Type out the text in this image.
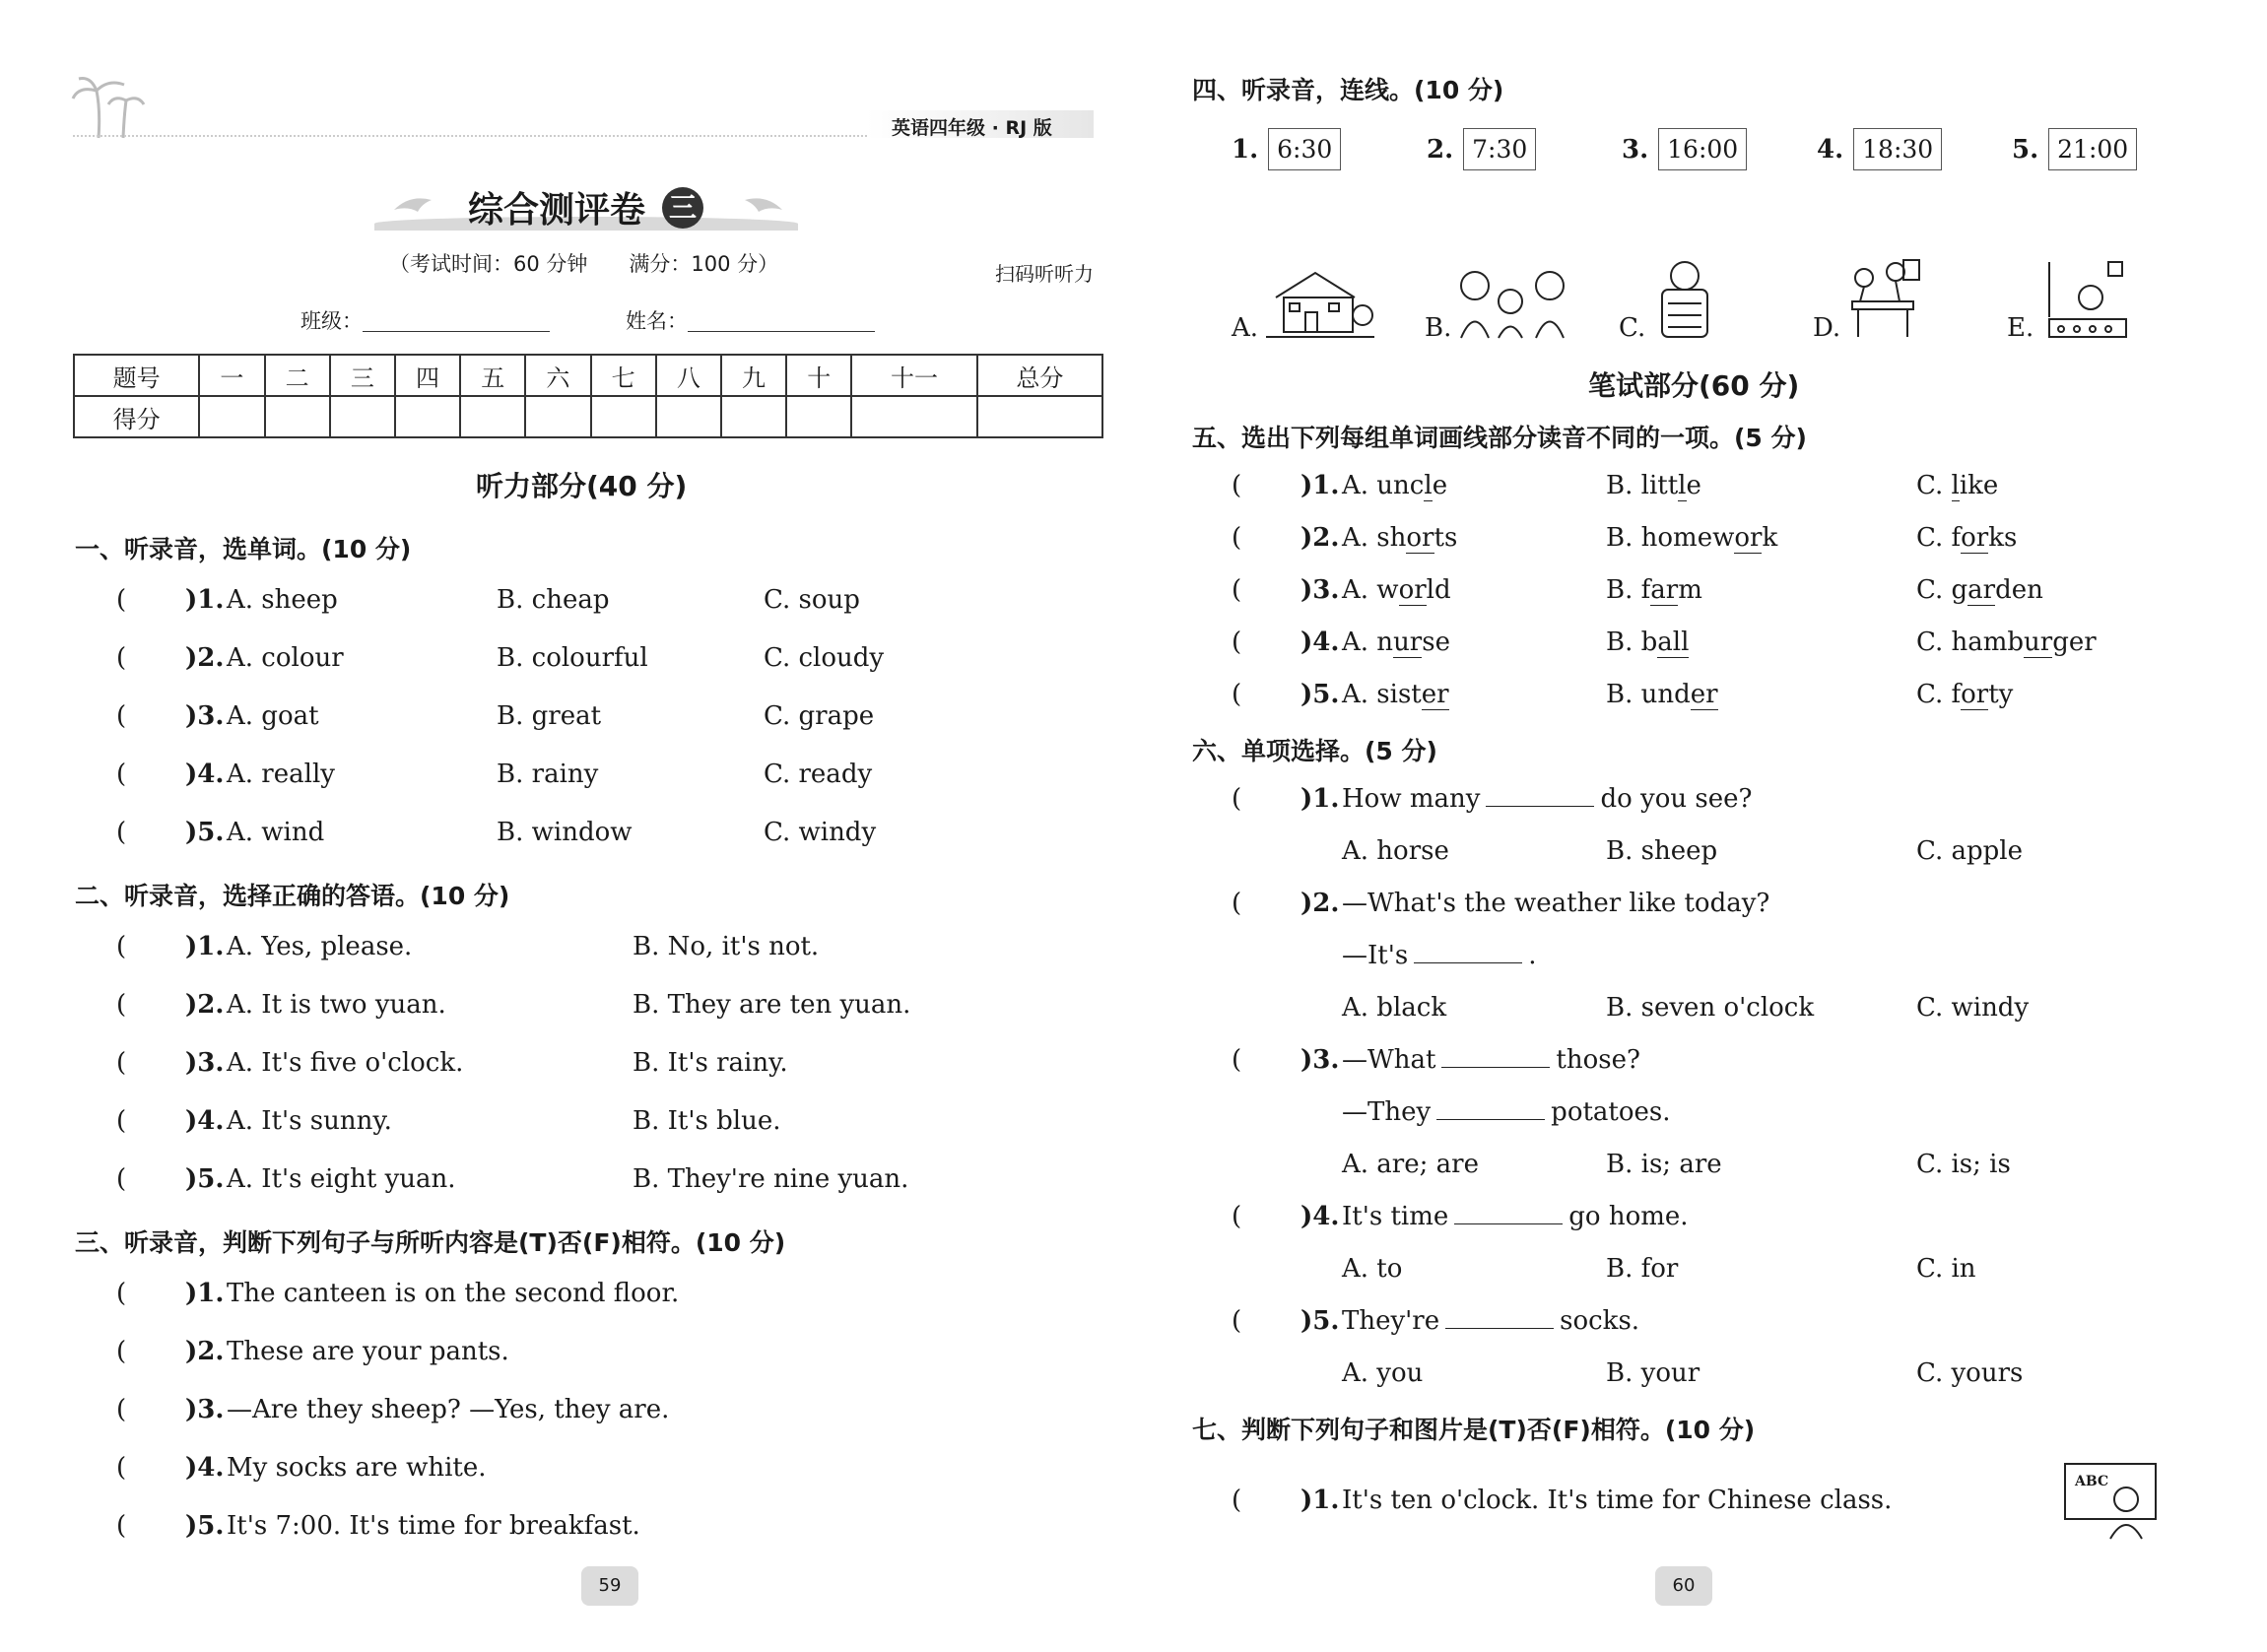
英语四年级 · RJ 版
综合测评卷 三
（考试时间：60 分钟　　满分：100 分）	扫码听听力
班级：	姓名：
题号	一	二	三	四	五	六	七	八	九	十	十一	总分
得分												
听力部分(40 分)
一、听录音，选单词。(10 分)
( )1. A. sheep	B. cheap	C. soup
( )2. A. colour	B. colourful	C. cloudy
( )3. A. goat	B. great	C. grape
( )4. A. really	B. rainy	C. ready
( )5. A. wind	B. window	C. windy
二、听录音，选择正确的答语。(10 分)
( )1. A. Yes, please.	B. No, it's not.
( )2. A. It is two yuan.	B. They are ten yuan.
( )3. A. It's five o'clock.	B. It's rainy.
( )4. A. It's sunny.	B. It's blue.
( )5. A. It's eight yuan.	B. They're nine yuan.
三、听录音，判断下列句子与所听内容是(T)否(F)相符。(10 分)
( )1. The canteen is on the second floor.
( )2. These are your pants.
( )3. —Are they sheep? —Yes, they are.
( )4. My socks are white.
( )5. It's 7:00. It's time for breakfast.
59
四、听录音，连线。(10 分)
1. 6:30	2. 7:30	3. 16:00	4. 18:30	5. 21:00
A.	B.	C.	D.	E.
笔试部分(60 分)
五、选出下列每组单词画线部分读音不同的一项。(5 分)
( )1. A. uncle	B. little	C. like
( )2. A. shorts	B. homework	C. forks
( )3. A. world	B. farm	C. garden
( )4. A. nurse	B. ball	C. hamburger
( )5. A. sister	B. under	C. forty
六、单项选择。(5 分)
( )1. How many	do you see?
A. horse	B. sheep	C. apple
( )2. —What's the weather like today?
—It's	.
A. black	B. seven o'clock	C. windy
( )3. —What	those?
—They	potatoes.
A. are; are	B. is; are	C. is; is
( )4. It's time	go home.
A. to	B. for	C. in
( )5. They're	socks.
A. you	B. your	C. yours
七、判断下列句子和图片是(T)否(F)相符。(10 分)
( )1. It's ten o'clock. It's time for Chinese class.
ABC
60
